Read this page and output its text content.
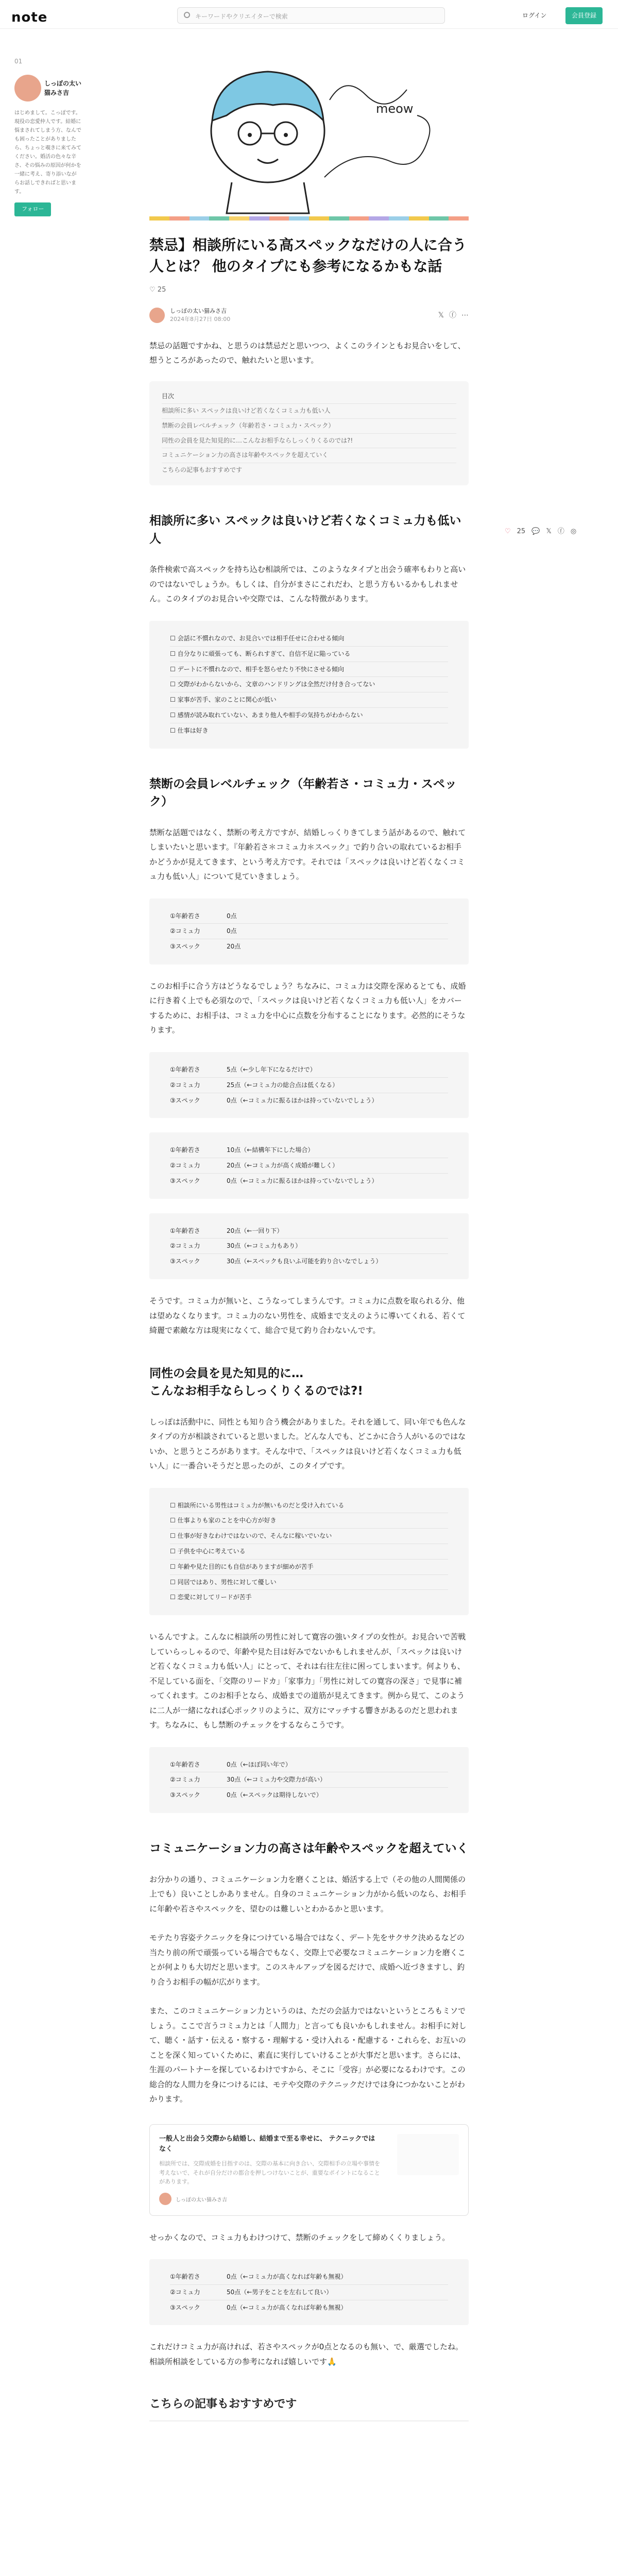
note	キーワードやクリエイターで検索	ログイン	会員登録
01
しっぽの太い猫みさ吉
はじめまして。こっぽです。 現役の恋愛仲人です。結婚に悩まされてしまう方、なんでも困ったことがありましたら、ちょっと覗きに来てみてください。婚活の色々な辛さ、その悩みの原因が何かを一緒に考え、寄り添いながらお話しできればと思います。
フォロー
meow
禁忌】相談所にいる高スペックなだけの人に合う人とは？ 他のタイプにも参考になるかもな話
♡ 25
しっぽの太い猫みさ吉
2024年8月27日 08:00	𝕏 ⓕ ⋯

禁忌の話題ですかね、と思うのは禁忌だと思いつつ、よくこのラインともお見合いをして、想うところがあったので、触れたいと思います。

目次
相談所に多い スペックは良いけど若くなくコミュ力も低い人
禁断の会員レベルチェック（年齢若さ・コミュ力・スペック）
同性の会員を見た知見的に…こんなお相手ならしっくりくるのでは?!
コミュニケーション力の高さは年齢やスペックを超えていく
こちらの記事もおすすめです
相談所に多い スペックは良いけど若くなくコミュ力も低い人

条件検索で高スペックを持ち込む相談所では、このようなタイプと出会う確率もわりと高いのではないでしょうか。もしくは、自分がまさにこれだわ、と思う方もいるかもしれません。このタイプのお見合いや交際では、こんな特徴があります。

☐ 会話に不慣れなので、お見合いでは相手任せに合わせる傾向
☐ 自分なりに頑張っても、断られすぎて、自信不足に陥っている
☐ デートに不慣れなので、相手を怒らせたり不快にさせる傾向
☐ 交際がわからないから、文章のハンドリングは全然だけ付き合ってない
☐ 家事が苦手、家のことに関心が低い
☐ 感情が読み取れていない、あまり他人や相手の気持ちがわからない
☐ 仕事は好き
禁断の会員レベルチェック（年齢若さ・コミュ力・スペック）

禁断な話題ではなく、禁断の考え方ですが、結婚しっくりきてしまう話があるので、触れてしまいたいと思います。『年齢若さ＊コミュ力＊スペック』で釣り合いの取れているお相手かどうかが見えてきます、という考え方です。それでは「スペックは良いけど若くなくコミュ力も低い人」について見ていきましょう。

①年齢若さ	0点
②コミュ力	0点
③スペック	20点

このお相手に合う方はどうなるでしょう？ちなみに、コミュ力は交際を深めるとても、成婚に行き着く上でも必須なので、「スペックは良いけど若くなくコミュ力も低い人」をカバーするために、お相手は、コミュ力を中心に点数を分布することになります。必然的にそうなります。

①年齢若さ	5点（←少し年下になるだけで）
②コミュ力	25点（←コミュ力の総合点は低くなる）
③スペック	0点（←コミュ力に振るほかは持っていないでしょう）
①年齢若さ	10点（←結構年下にした場合）
②コミュ力	20点（←コミュ力が高く成婚が難しく）
③スペック	0点（←コミュ力に振るほかは持っていないでしょう）
①年齢若さ	20点（←一回り下）
②コミュ力	30点（←コミュ力もあり）
③スペック	30点（←スペックも良いふ可能を釣り合いなでしょう）

そうです。コミュ力が無いと、こうなってしまうんです。コミュ力に点数を取られる分、他は望めなくなります。コミュ力のない男性を、成婚まで支えのように導いてくれる、若くて綺麗で素敵な方は現実になくて、総合で見て釣り合わないんです。

同性の会員を見た知見的に…
こんなお相手ならしっくりくるのでは?!

しっぽは活動中に、同性とも知り合う機会がありました。それを通して、同い年でも色んなタイプの方が相談されていると思いました。どんな人でも、どこかに合う人がいるのではないか、と思うところがあります。そんな中で、「スペックは良いけど若くなくコミュ力も低い人」に一番合いそうだと思ったのが、このタイプです。

☐ 相談所にいる男性はコミュ力が無いものだと受け入れている
☐ 仕事よりも家のことを中心方が好き
☐ 仕事が好きなわけではないので、そんなに稼いでいない
☐ 子供を中心に考えている
☐ 年齢や見た目的にも自信がありますが細めが苦手
☐ 同居ではあり、男性に対して優しい
☐ 恋愛に対してリードが苦手

いるんですよ。こんなに相談所の男性に対して寛容の強いタイプの女性が。お見合いで苦戦していらっしゃるので、年齢や見た目は好みでないかもしれませんが、「スペックは良いけど若くなくコミュ力も低い人」にとって、それは右往左往に困ってしまいます。何よりも、不足している面を、「交際のリードカ」「家事力」「男性に対しての寛容の深さ」で見事に補ってくれます。このお相手となら、成婚までの道筋が見えてきます。例から見て、このように二人が一緒になれば心ポックリのように、双方にマッチする響きがあるのだと思われます。ちなみに、もし禁断のチェックをするならこうです。

①年齢若さ	0点（←ほぼ同い年で）
②コミュ力	30点（←コミュ力や交際力が高い）
③スペック	0点（←スペックは期待しないで）
コミュニケーション力の高さは年齢やスペックを超えていく

お分かりの通り、コミュニケーション力を磨くことは、婚活する上で（その他の人間関係の上でも）良いことしかありません。自身のコミュニケーション力がから低いのなら、お相手に年齢や若さやスペックを、望むのは難しいとわかるかと思います。

モテたり容姿テクニックを身につけている場合ではなく、デート先をサクサク決めるなどの当たり前の所で頑張っている場合でもなく、交際上で必要なコミュニケーション力を磨くことが何よりも大切だと思います。このスキルアップを図るだけで、成婚へ近づきますし、釣り合うお相手の幅が広がります。

また、このコミュニケーション力というのは、ただの会話力ではないというところもミソでしょう。ここで言うコミュ力とは「人間力」と言っても良いかもしれません。お相手に対して、聴く・話す・伝える・察する・理解する・受け入れる・配慮する・これらを、お互いのことを深く知っていくために、素直に実行していけることが大事だと思います。さらには、生涯のパートナーを探しているわけですから、そこに「受容」が必要になるわけです。この総合的な人間力を身につけるには、モテや交際のテクニックだけでは身につかないことがわかります。

一般人と出会う交際から結婚し、結婚まで至る幸せに、 テクニックではなく
相談所では、交際成婚を目指すのは、交際の基本に向き合い、交際相手の立場や事情を考えないで、それが自分だけの都合を押しつけないことが、重要なポイントになることがあります。
しっぽの太い猫みさ吉

せっかくなので、コミュ力もわけつけて、禁断のチェックをして締めくくりましょう。

①年齢若さ	0点（←コミュ力が高くなれば年齢も無視）
②コミュ力	50点（←男子をことを左右して良い）
③スペック	0点（←コミュ力が高くなれば年齢も無視）

これだけコミュ力が高ければ、若さやスペックが0点となるのも無い、で、厳選でしたね。
相談所相談をしている方の参考になれば嬉しいです🙏

こちらの記事もおすすめです
♡ 25 💬 𝕏 ⓕ ◎
